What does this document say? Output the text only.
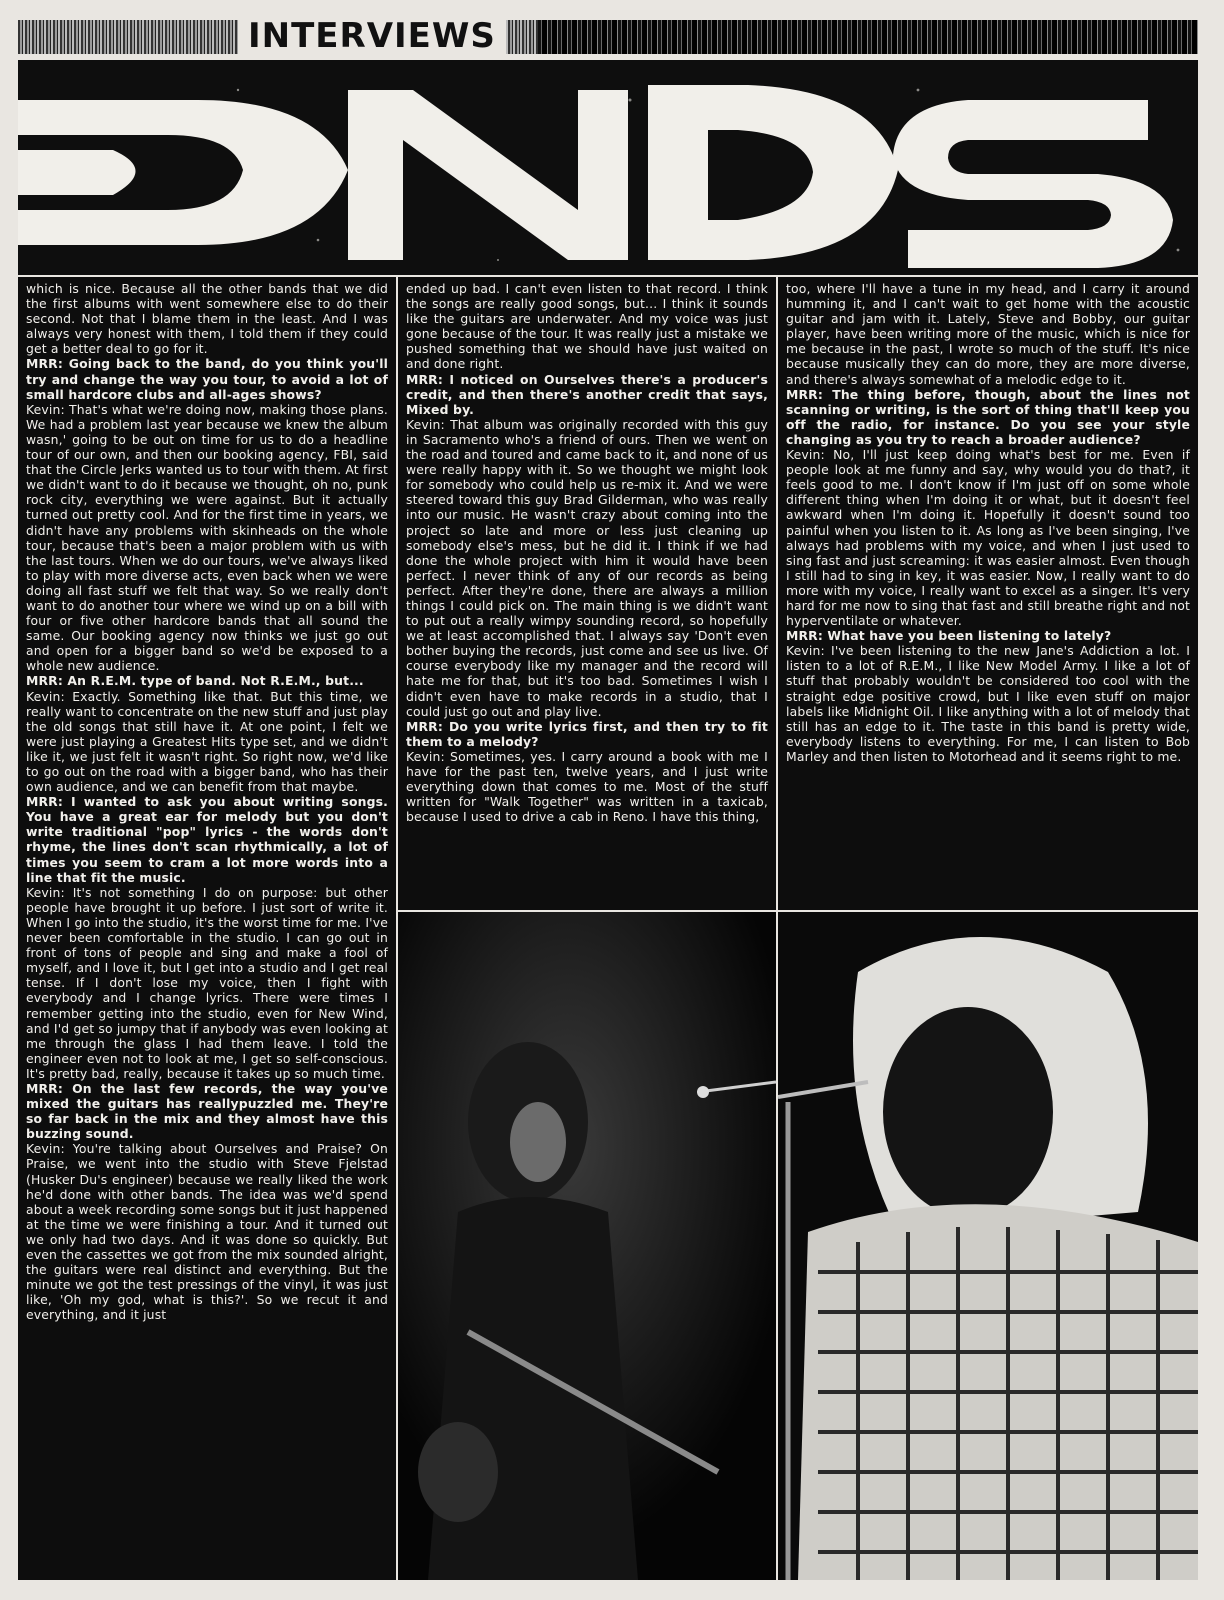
INTERVIEWS

which is nice. Because all the other bands that we did the first albums with went somewhere else to do their second. Not that I blame them in the least. And I was always very honest with them, I told them if they could get a better deal to go for it.

MRR: Going back to the band, do you think you'll try and change the way you tour, to avoid a lot of small hardcore clubs and all-ages shows?

Kevin: That's what we're doing now, making those plans. We had a problem last year because we knew the album wasn,' going to be out on time for us to do a headline tour of our own, and then our booking agency, FBI, said that the Circle Jerks wanted us to tour with them. At first we didn't want to do it because we thought, oh no, punk rock city, everything we were against. But it actually turned out pretty cool. And for the first time in years, we didn't have any problems with skinheads on the whole tour, because that's been a major problem with us with the last tours. When we do our tours, we've always liked to play with more diverse acts, even back when we were doing all fast stuff we felt that way. So we really don't want to do another tour where we wind up on a bill with four or five other hardcore bands that all sound the same. Our booking agency now thinks we just go out and open for a bigger band so we'd be exposed to a whole new audience.

MRR: An R.E.M. type of band. Not R.E.M., but...

Kevin: Exactly. Something like that. But this time, we really want to concentrate on the new stuff and just play the old songs that still have it. At one point, I felt we were just playing a Greatest Hits type set, and we didn't like it, we just felt it wasn't right. So right now, we'd like to go out on the road with a bigger band, who has their own audience, and we can benefit from that maybe.

MRR: I wanted to ask you about writing songs. You have a great ear for melody but you don't write traditional "pop" lyrics - the words don't rhyme, the lines don't scan rhythmically, a lot of times you seem to cram a lot more words into a line that fit the music.

Kevin: It's not something I do on purpose: but other people have brought it up before. I just sort of write it. When I go into the studio, it's the worst time for me. I've never been comfortable in the studio. I can go out in front of tons of people and sing and make a fool of myself, and I love it, but I get into a studio and I get real tense. If I don't lose my voice, then I fight with everybody and I change lyrics. There were times I remember getting into the studio, even for New Wind, and I'd get so jumpy that if anybody was even looking at me through the glass I had them leave. I told the engineer even not to look at me, I get so self-conscious. It's pretty bad, really, because it takes up so much time.

MRR: On the last few records, the way you've mixed the guitars has reallypuzzled me. They're so far back in the mix and they almost have this buzzing sound.

Kevin: You're talking about Ourselves and Praise? On Praise, we went into the studio with Steve Fjelstad (Husker Du's engineer) because we really liked the work he'd done with other bands. The idea was we'd spend about a week recording some songs but it just happened at the time we were finishing a tour. And it turned out we only had two days. And it was done so quickly. But even the cassettes we got from the mix sounded alright, the guitars were real distinct and everything. But the minute we got the test pressings of the vinyl, it was just like, 'Oh my god, what is this?'. So we recut it and everything, and it just

ended up bad. I can't even listen to that record. I think the songs are really good songs, but... I think it sounds like the guitars are underwater. And my voice was just gone because of the tour. It was really just a mistake we pushed something that we should have just waited on and done right.

MRR: I noticed on Ourselves there's a producer's credit, and then there's another credit that says, Mixed by.

Kevin: That album was originally recorded with this guy in Sacramento who's a friend of ours. Then we went on the road and toured and came back to it, and none of us were really happy with it. So we thought we might look for somebody who could help us re-mix it. And we were steered toward this guy Brad Gilderman, who was really into our music. He wasn't crazy about coming into the project so late and more or less just cleaning up somebody else's mess, but he did it. I think if we had done the whole project with him it would have been perfect. I never think of any of our records as being perfect. After they're done, there are always a million things I could pick on. The main thing is we didn't want to put out a really wimpy sounding record, so hopefully we at least accomplished that. I always say 'Don't even bother buying the records, just come and see us live. Of course everybody like my manager and the record will hate me for that, but it's too bad. Sometimes I wish I didn't even have to make records in a studio, that I could just go out and play live.

MRR: Do you write lyrics first, and then try to fit them to a melody?

Kevin: Sometimes, yes. I carry around a book with me I have for the past ten, twelve years, and I just write everything down that comes to me. Most of the stuff written for "Walk Together" was written in a taxicab, because I used to drive a cab in Reno. I have this thing,

too, where I'll have a tune in my head, and I carry it around humming it, and I can't wait to get home with the acoustic guitar and jam with it. Lately, Steve and Bobby, our guitar player, have been writing more of the music, which is nice for me because in the past, I wrote so much of the stuff. It's nice because musically they can do more, they are more diverse, and there's always somewhat of a melodic edge to it.

MRR: The thing before, though, about the lines not scanning or writing, is the sort of thing that'll keep you off the radio, for instance. Do you see your style changing as you try to reach a broader audience?

Kevin: No, I'll just keep doing what's best for me. Even if people look at me funny and say, why would you do that?, it feels good to me. I don't know if I'm just off on some whole different thing when I'm doing it or what, but it doesn't feel awkward when I'm doing it. Hopefully it doesn't sound too painful when you listen to it. As long as I've been singing, I've always had problems with my voice, and when I just used to sing fast and just screaming: it was easier almost. Even though I still had to sing in key, it was easier. Now, I really want to do more with my voice, I really want to excel as a singer. It's very hard for me now to sing that fast and still breathe right and not hyperventilate or whatever.

MRR: What have you been listening to lately?

Kevin: I've been listening to the new Jane's Addiction a lot. I listen to a lot of R.E.M., I like New Model Army. I like a lot of stuff that probably wouldn't be considered too cool with the straight edge positive crowd, but I like even stuff on major labels like Midnight Oil. I like anything with a lot of melody that still has an edge to it. The taste in this band is pretty wide, everybody listens to everything. For me, I can listen to Bob Marley and then listen to Motorhead and it seems right to me.
